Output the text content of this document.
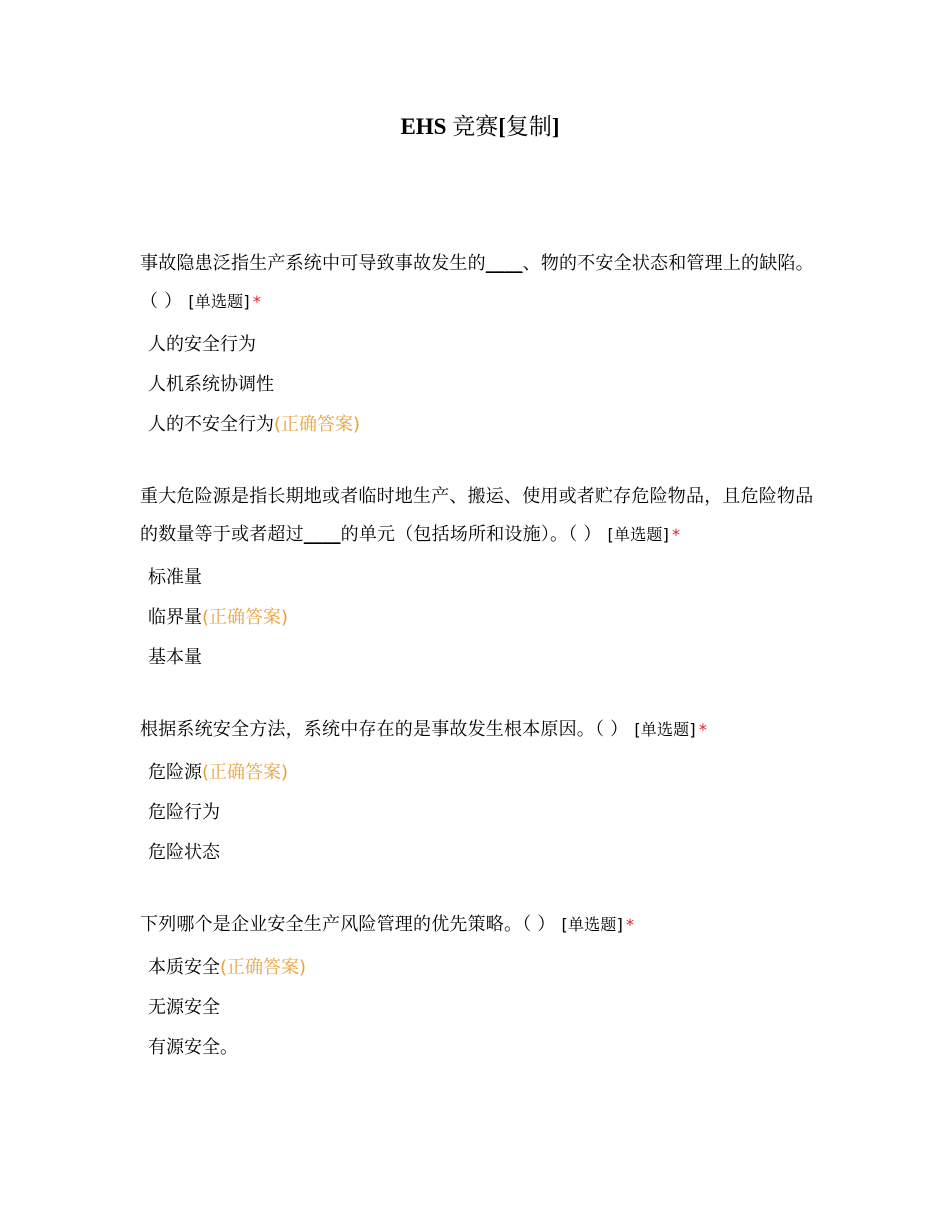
EHS 竞赛[复制]
事故隐患泛指生产系统中可导致事故发生的____、物的不安全状态和管理上的缺陷。（ ） [单选题] *
人的安全行为
人机系统协调性
人的不安全行为(正确答案)
重大危险源是指长期地或者临时地生产、搬运、使用或者贮存危险物品，且危险物品的数量等于或者超过____的单元（包括场所和设施）。（ ） [单选题] *
标准量
临界量(正确答案)
基本量
根据系统安全方法，系统中存在的是事故发生根本原因。（ ） [单选题] *
危险源(正确答案)
危险行为
危险状态
下列哪个是企业安全生产风险管理的优先策略。（ ） [单选题] *
本质安全(正确答案)
无源安全
有源安全。
